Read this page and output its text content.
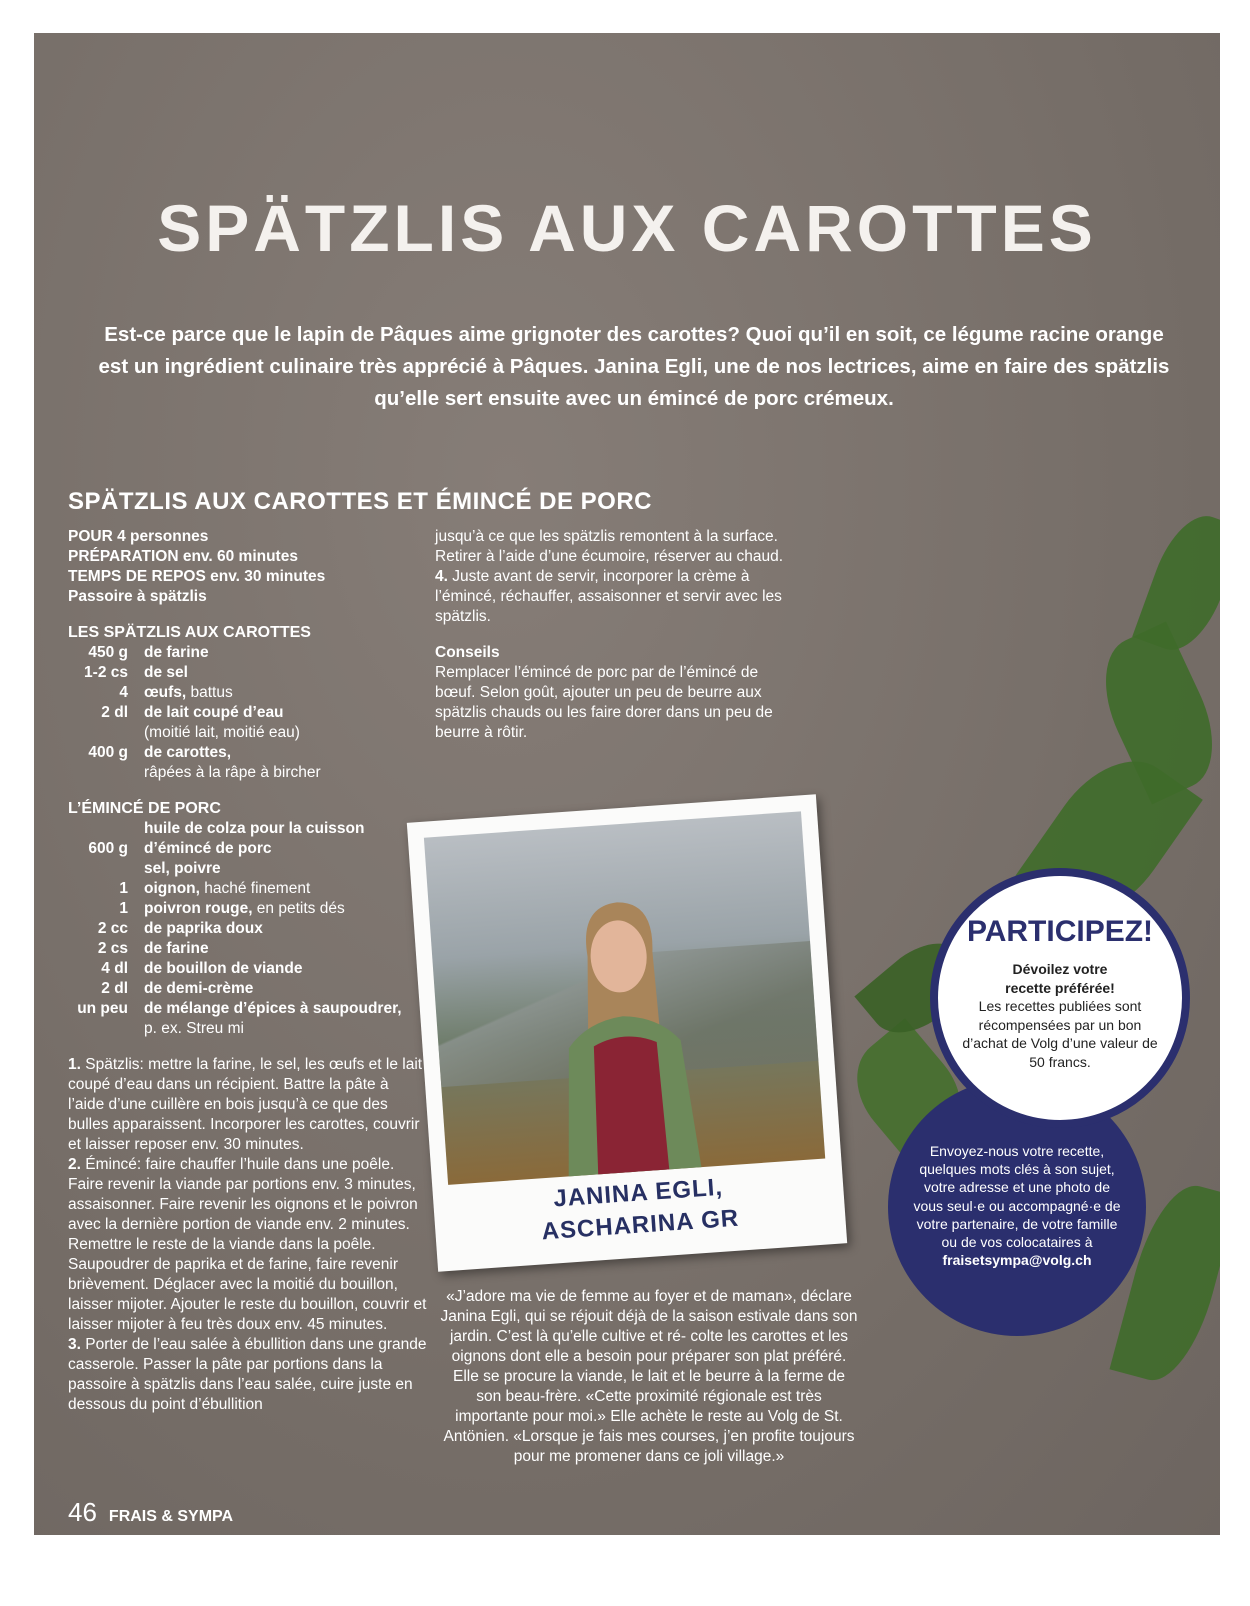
SPÄTZLIS AUX CAROTTES
Est-ce parce que le lapin de Pâques aime grignoter des carottes? Quoi qu’il en soit, ce légume racine orange est un ingrédient culinaire très apprécié à Pâques. Janina Egli, une de nos lectrices, aime en faire des spätzlis qu’elle sert ensuite avec un émincé de porc crémeux.
SPÄTZLIS AUX CAROTTES ET ÉMINCÉ DE PORC
POUR 4 personnes
PRÉPARATION env. 60 minutes
TEMPS DE REPOS env. 30 minutes
Passoire à spätzlis
LES SPÄTZLIS AUX CAROTTES
450 g de farine
1-2 cs de sel
4 œufs, battus
2 dl de lait coupé d’eau
(moitié lait, moitié eau)
400 g de carottes,
râpées à la râpe à bircher
L’ÉMINCÉ DE PORC
huile de colza pour la cuisson
600 g d’émincé de porc
sel, poivre
1 oignon, haché finement
1 poivron rouge, en petits dés
2 cc de paprika doux
2 cs de farine
4 dl de bouillon de viande
2 dl de demi-crème
un peu de mélange d’épices à saupoudrer,
p. ex. Streu mi
1. Spätzlis: mettre la farine, le sel, les œufs et le lait coupé d’eau dans un récipient. Battre la pâte à l’aide d’une cuillère en bois jusqu’à ce que des bulles apparaissent. Incorporer les carottes, couvrir et laisser reposer env. 30 minutes.
2. Émincé: faire chauffer l’huile dans une poêle. Faire revenir la viande par portions env. 3 minutes, assaisonner. Faire revenir les oignons et le poivron avec la dernière portion de viande env. 2 minutes. Remettre le reste de la viande dans la poêle. Saupoudrer de paprika et de farine, faire revenir brièvement. Déglacer avec la moitié du bouillon, laisser mijoter. Ajouter le reste du bouillon, couvrir et laisser mijoter à feu très doux env. 45 minutes.
3. Porter de l’eau salée à ébullition dans une grande casserole. Passer la pâte par portions dans la passoire à spätzlis dans l’eau salée, cuire juste en dessous du point d’ébullition
jusqu’à ce que les spätzlis remontent à la surface. Retirer à l’aide d’une écumoire, réserver au chaud.
4. Juste avant de servir, incorporer la crème à l’émincé, réchauffer, assaisonner et servir avec les spätzlis.
Conseils
Remplacer l’émincé de porc par de l’émincé de bœuf. Selon goût, ajouter un peu de beurre aux spätzlis chauds ou les faire dorer dans un peu de beurre à rôtir.
JANINA EGLI,
ASCHARINA GR
«J’adore ma vie de femme au foyer et de maman», déclare Janina Egli, qui se réjouit déjà de la saison estivale dans son jardin. C’est là qu’elle cultive et ré- colte les carottes et les oignons dont elle a besoin pour préparer son plat préféré. Elle se procure la viande, le lait et le beurre à la ferme de son beau-frère. «Cette proximité régionale est très importante pour moi.» Elle achète le reste au Volg de St. Antönien. «Lorsque je fais mes courses, j’en profite toujours pour me promener dans ce joli village.»
PARTICIPEZ!
Dévoilez votre recette préférée!
Les recettes publiées sont récompensées par un bon d’achat de Volg d’une valeur de 50 francs.
Envoyez-nous votre recette, quelques mots clés à son sujet, votre adresse et une photo de vous seul·e ou accompagné·e de votre partenaire, de votre famille ou de vos colocataires à
fraisetsympa@volg.ch
46 FRAIS & SYMPA
